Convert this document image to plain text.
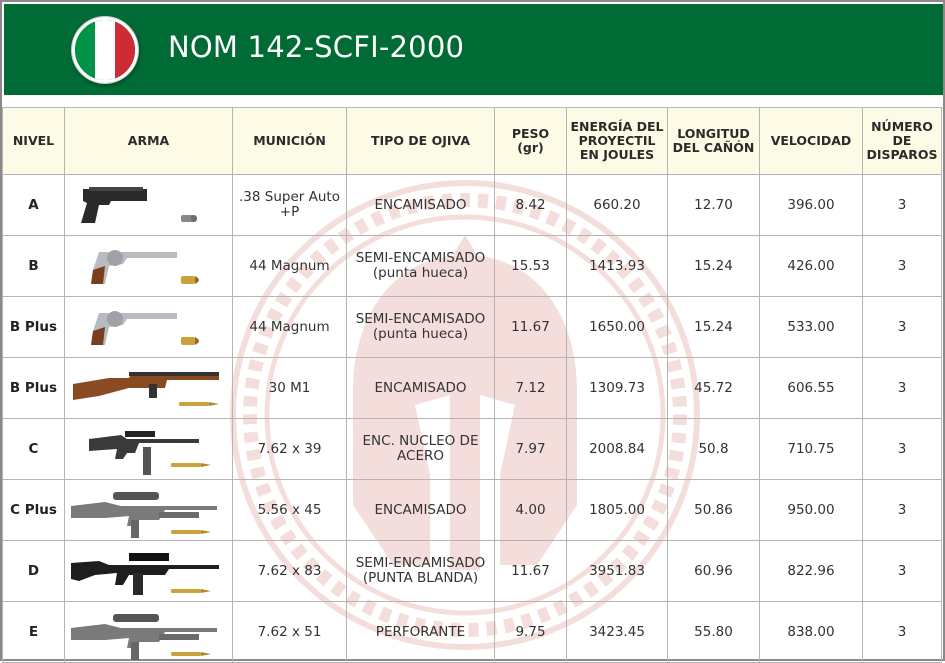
NOM 142-SCFI-2000
NIVEL	ARMA	MUNICIÓN	TIPO DE OJIVA	PESO (gr)	ENERGÍA DEL PROYECTIL EN JOULES	LONGITUD DEL CAÑÓN	VELOCIDAD	NÚMERO DE DISPAROS
A		.38 Super Auto +P	ENCAMISADO	8.42	660.20	12.70	396.00	3
B		44 Magnum	SEMI-ENCAMISADO (punta hueca)	15.53	1413.93	15.24	426.00	3
B Plus		44 Magnum	SEMI-ENCAMISADO (punta hueca)	11.67	1650.00	15.24	533.00	3
B Plus		30 M1	ENCAMISADO	7.12	1309.73	45.72	606.55	3
C		7.62 x 39	ENC. NUCLEO DE ACERO	7.97	2008.84	50.8	710.75	3
C Plus		5.56 x 45	ENCAMISADO	4.00	1805.00	50.86	950.00	3
D		7.62 x 83	SEMI-ENCAMISADO (PUNTA BLANDA)	11.67	3951.83	60.96	822.96	3
E		7.62 x 51	PERFORANTE	9.75	3423.45	55.80	838.00	3
